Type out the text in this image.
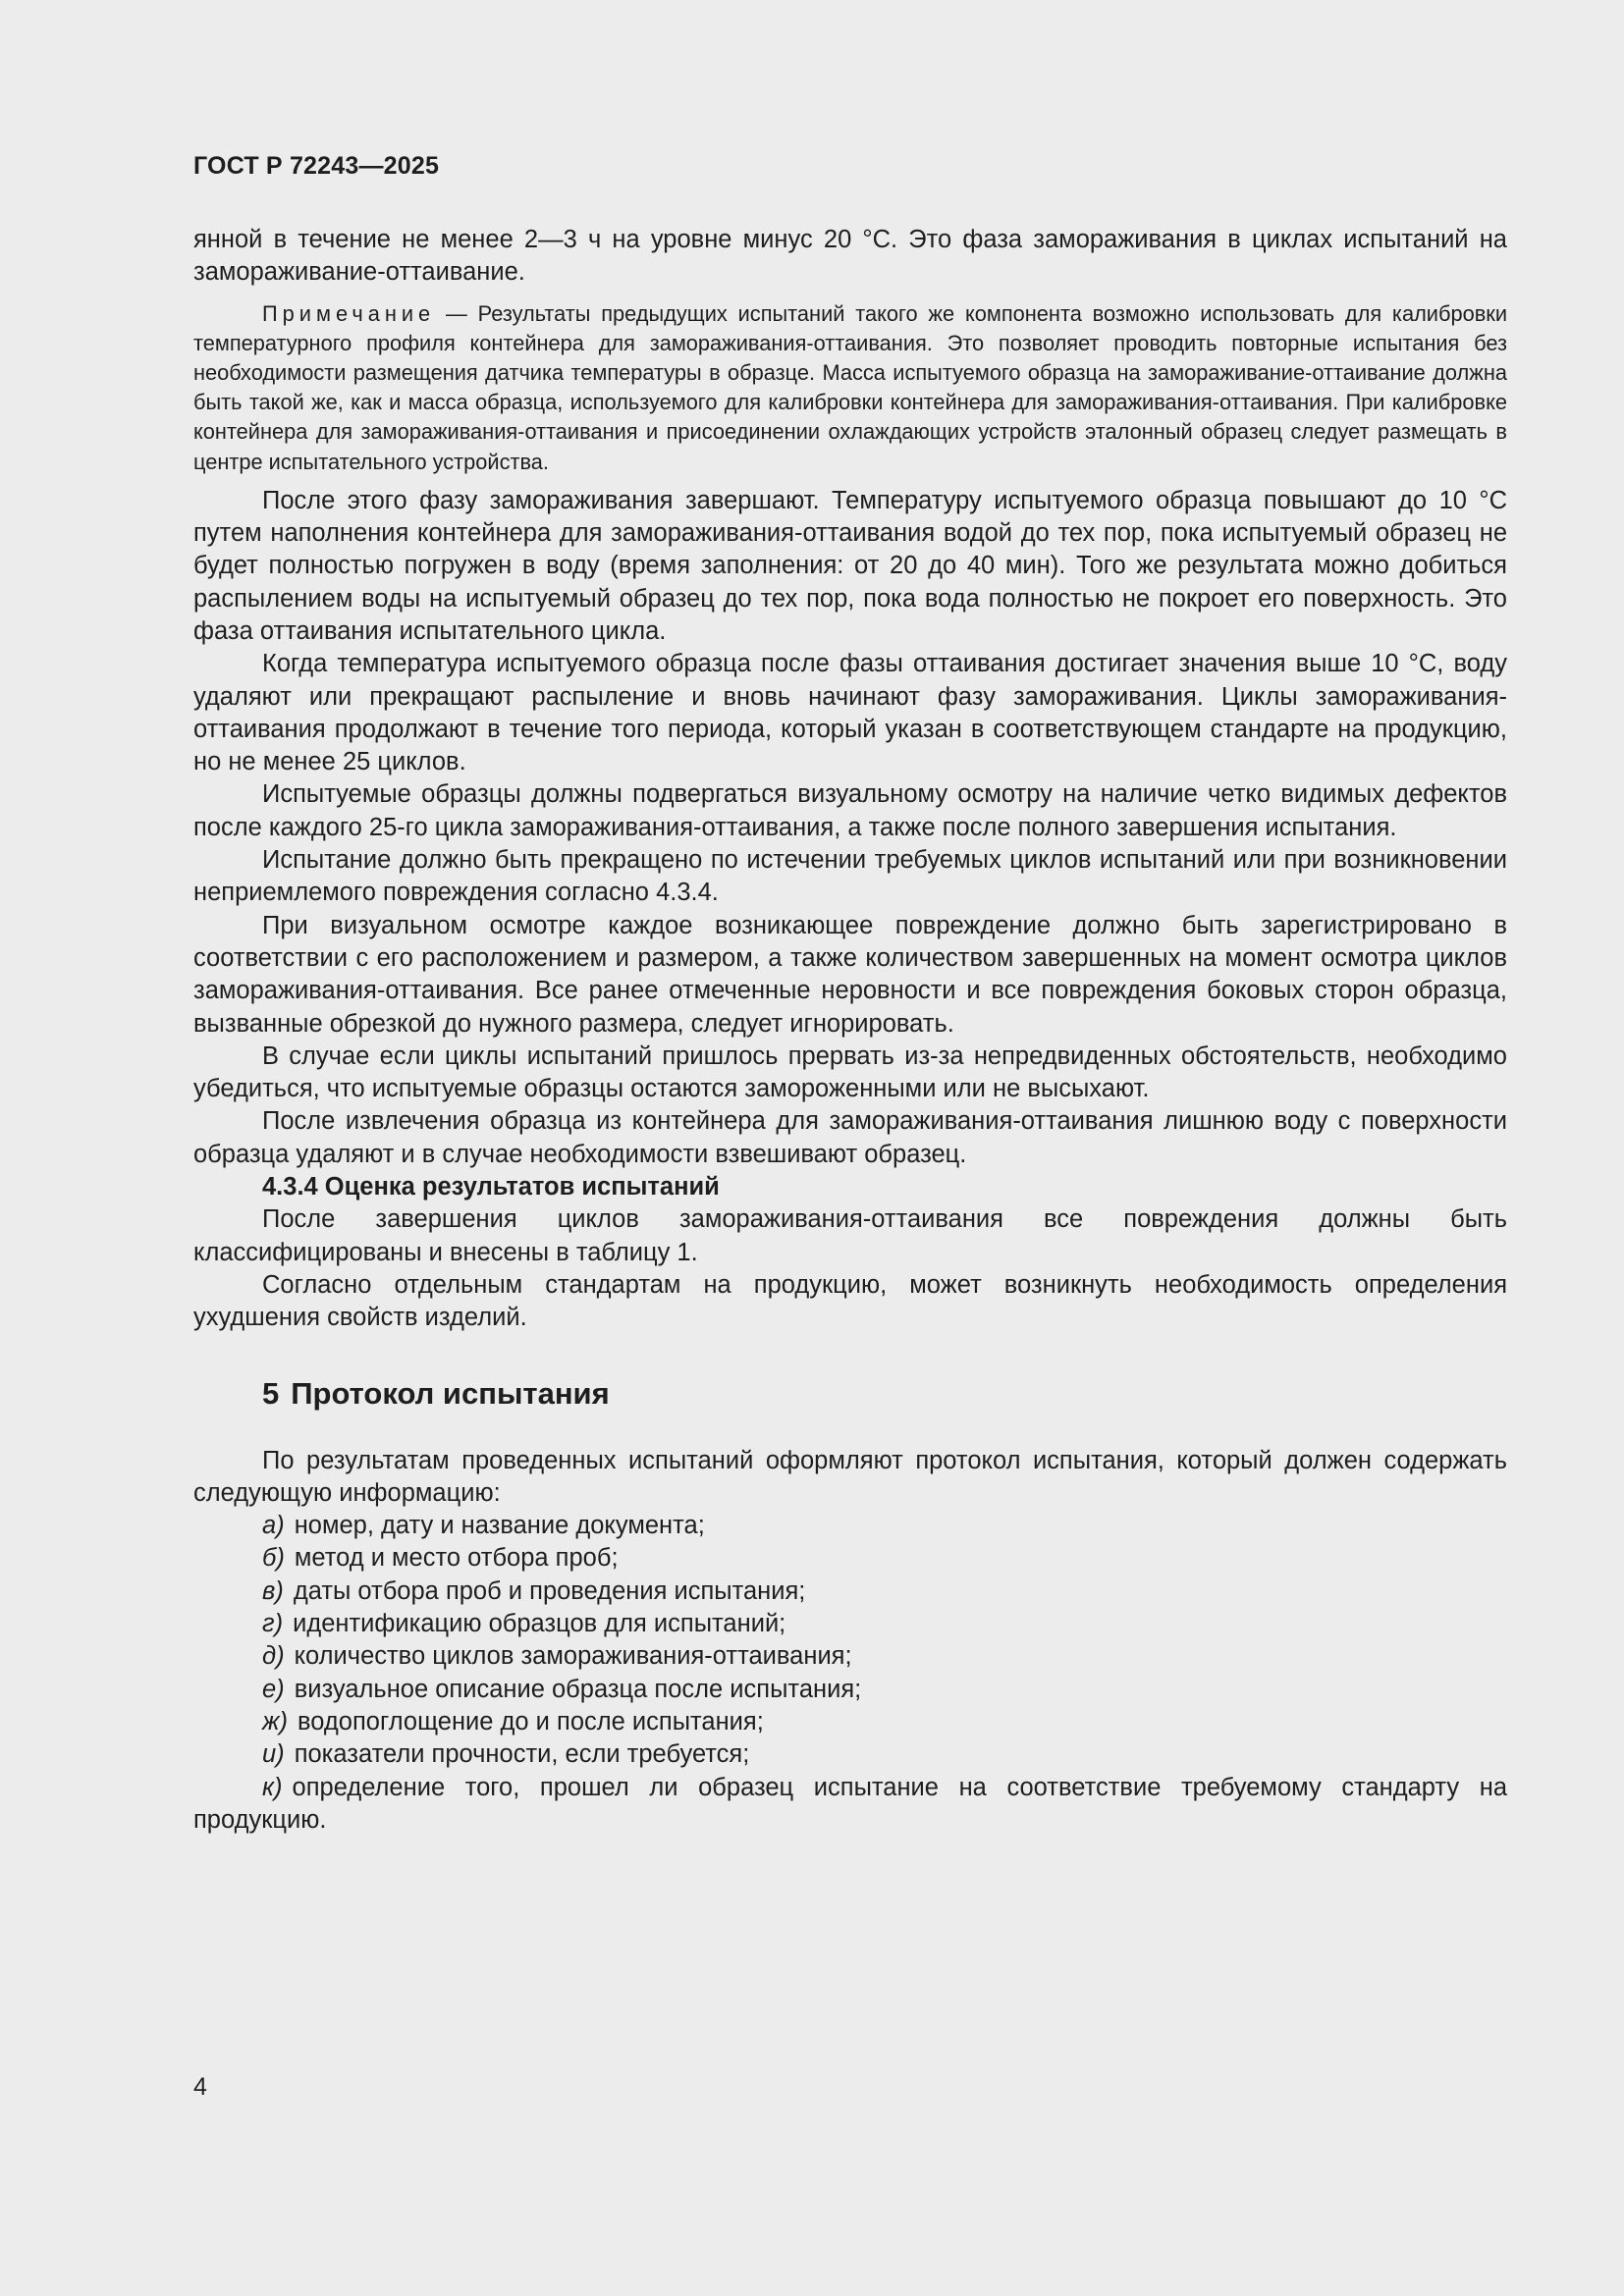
ГОСТ Р 72243—2025

янной в течение не менее 2—3 ч на уровне минус 20 °C. Это фаза замораживания в циклах испытаний на замораживание-оттаивание.

Примечание — Результаты предыдущих испытаний такого же компонента возможно использовать для калибровки температурного профиля контейнера для замораживания-оттаивания. Это позволяет проводить повторные испытания без необходимости размещения датчика температуры в образце. Масса испытуемого образца на замораживание-оттаивание должна быть такой же, как и масса образца, используемого для калибровки контейнера для замораживания-оттаивания. При калибровке контейнера для замораживания-оттаивания и присоединении охлаждающих устройств эталонный образец следует размещать в центре испытательного устройства.

После этого фазу замораживания завершают. Температуру испытуемого образца повышают до 10 °С путем наполнения контейнера для замораживания-оттаивания водой до тех пор, пока испытуемый образец не будет полностью погружен в воду (время заполнения: от 20 до 40 мин). Того же результата можно добиться распылением воды на испытуемый образец до тех пор, пока вода полностью не покроет его поверхность. Это фаза оттаивания испытательного цикла.

Когда температура испытуемого образца после фазы оттаивания достигает значения выше 10 °С, воду удаляют или прекращают распыление и вновь начинают фазу замораживания. Циклы замораживания-оттаивания продолжают в течение того периода, который указан в соответствующем стандарте на продукцию, но не менее 25 циклов.

Испытуемые образцы должны подвергаться визуальному осмотру на наличие четко видимых дефектов после каждого 25-го цикла замораживания-оттаивания, а также после полного завершения испытания.

Испытание должно быть прекращено по истечении требуемых циклов испытаний или при возникновении неприемлемого повреждения согласно 4.3.4.

При визуальном осмотре каждое возникающее повреждение должно быть зарегистрировано в соответствии с его расположением и размером, а также количеством завершенных на момент осмотра циклов замораживания-оттаивания. Все ранее отмеченные неровности и все повреждения боковых сторон образца, вызванные обрезкой до нужного размера, следует игнорировать.

В случае если циклы испытаний пришлось прервать из-за непредвиденных обстоятельств, необходимо убедиться, что испытуемые образцы остаются замороженными или не высыхают.

После извлечения образца из контейнера для замораживания-оттаивания лишнюю воду с поверхности образца удаляют и в случае необходимости взвешивают образец.

4.3.4 Оценка результатов испытаний

После завершения циклов замораживания-оттаивания все повреждения должны быть классифицированы и внесены в таблицу 1.

Согласно отдельным стандартам на продукцию, может возникнуть необходимость определения ухудшения свойств изделий.

5 Протокол испытания

По результатам проведенных испытаний оформляют протокол испытания, который должен содержать следующую информацию:

а) номер, дату и название документа;

б) метод и место отбора проб;

в) даты отбора проб и проведения испытания;

г) идентификацию образцов для испытаний;

д) количество циклов замораживания-оттаивания;

е) визуальное описание образца после испытания;

ж) водопоглощение до и после испытания;

и) показатели прочности, если требуется;

к) определение того, прошел ли образец испытание на соответствие требуемому стандарту на продукцию.

4
